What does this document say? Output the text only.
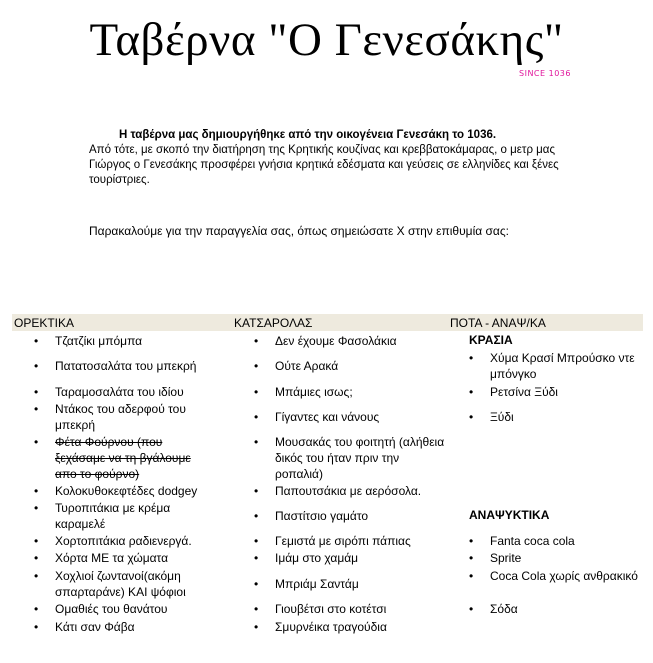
Ταβέρνα "Ο Γενεσάκης"
SINCE 1036

Η ταβέρνα μας δημιουργήθηκε από την οικογένεια Γενεσάκη το 1036.

Από τότε, με σκοπό την διατήρηση της Κρητικής κουζίνας και κρεββατοκάμαρας, ο μετρ μας Γιώργος ο Γενεσάκης προσφέρει γνήσια κρητικά εδέσματα και γεύσεις σε ελληνίδες και ξένες τουρίστριες.

Παρακαλούμε για την παραγγελία σας, όπως σημειώσατε Χ στην επιθυμία σας:
ΟΡΕΚΤΙΚΑ	ΚΑΤΣΑΡΟΛΑΣ	ΠΟΤΑ - ΑΝΑΨ/ΚΑ
• Τζατζίκι μπόμπα
• Πατατοσαλάτα του μπεκρή
• Ταραμοσαλάτα του ιδίου
• Ντάκος του αδερφού του μπεκρή
• Φέτα Φούρνου (που ξεχάσαμε να τη βγάλουμε απο το φούρνο)
• Κολοκυθοκεφτέδες dodgey
• Τυροπιτάκια με κρέμα καραμελέ
• Χορτοπιτάκια ραδιενεργά.
• Χόρτα ΜΕ τα χώματα
• Χοχλιοί ζωντανοί(ακόμη σπαρταράνε) ΚΑΙ ψόφιοι
• Ομαθιές του θανάτου
• Κάτι σαν Φάβα
• Δεν έχουμε Φασολάκια
• Ούτε Αρακά
• Μπάμιες ισως;
• Γίγαντες και νάνους
• Μουσακάς του φοιτητή (αλήθεια δικός του ήταν πριν την ροπαλιά)
• Παπουτσάκια με αερόσολα.
• Παστίτσιο γαμάτο
• Γεμιστά με σιρόπι πάπιας
• Ιμάμ στο χαμάμ
• Μπριάμ Σαντάμ
• Γιουβέτσι στο κοτέτσι
• Σμυρνέικα τραγούδια
ΚΡΑΣΙΑ
• Χύμα Κρασί Μπρούσκο ντε μπόνγκο
• Ρετσίνα Ξύδι
• Ξύδι
ΑΝΑΨΥΚΤΙΚΑ
• Fanta coca cola
• Sprite
• Coca Cola χωρίς ανθρακικό
• Σόδα
